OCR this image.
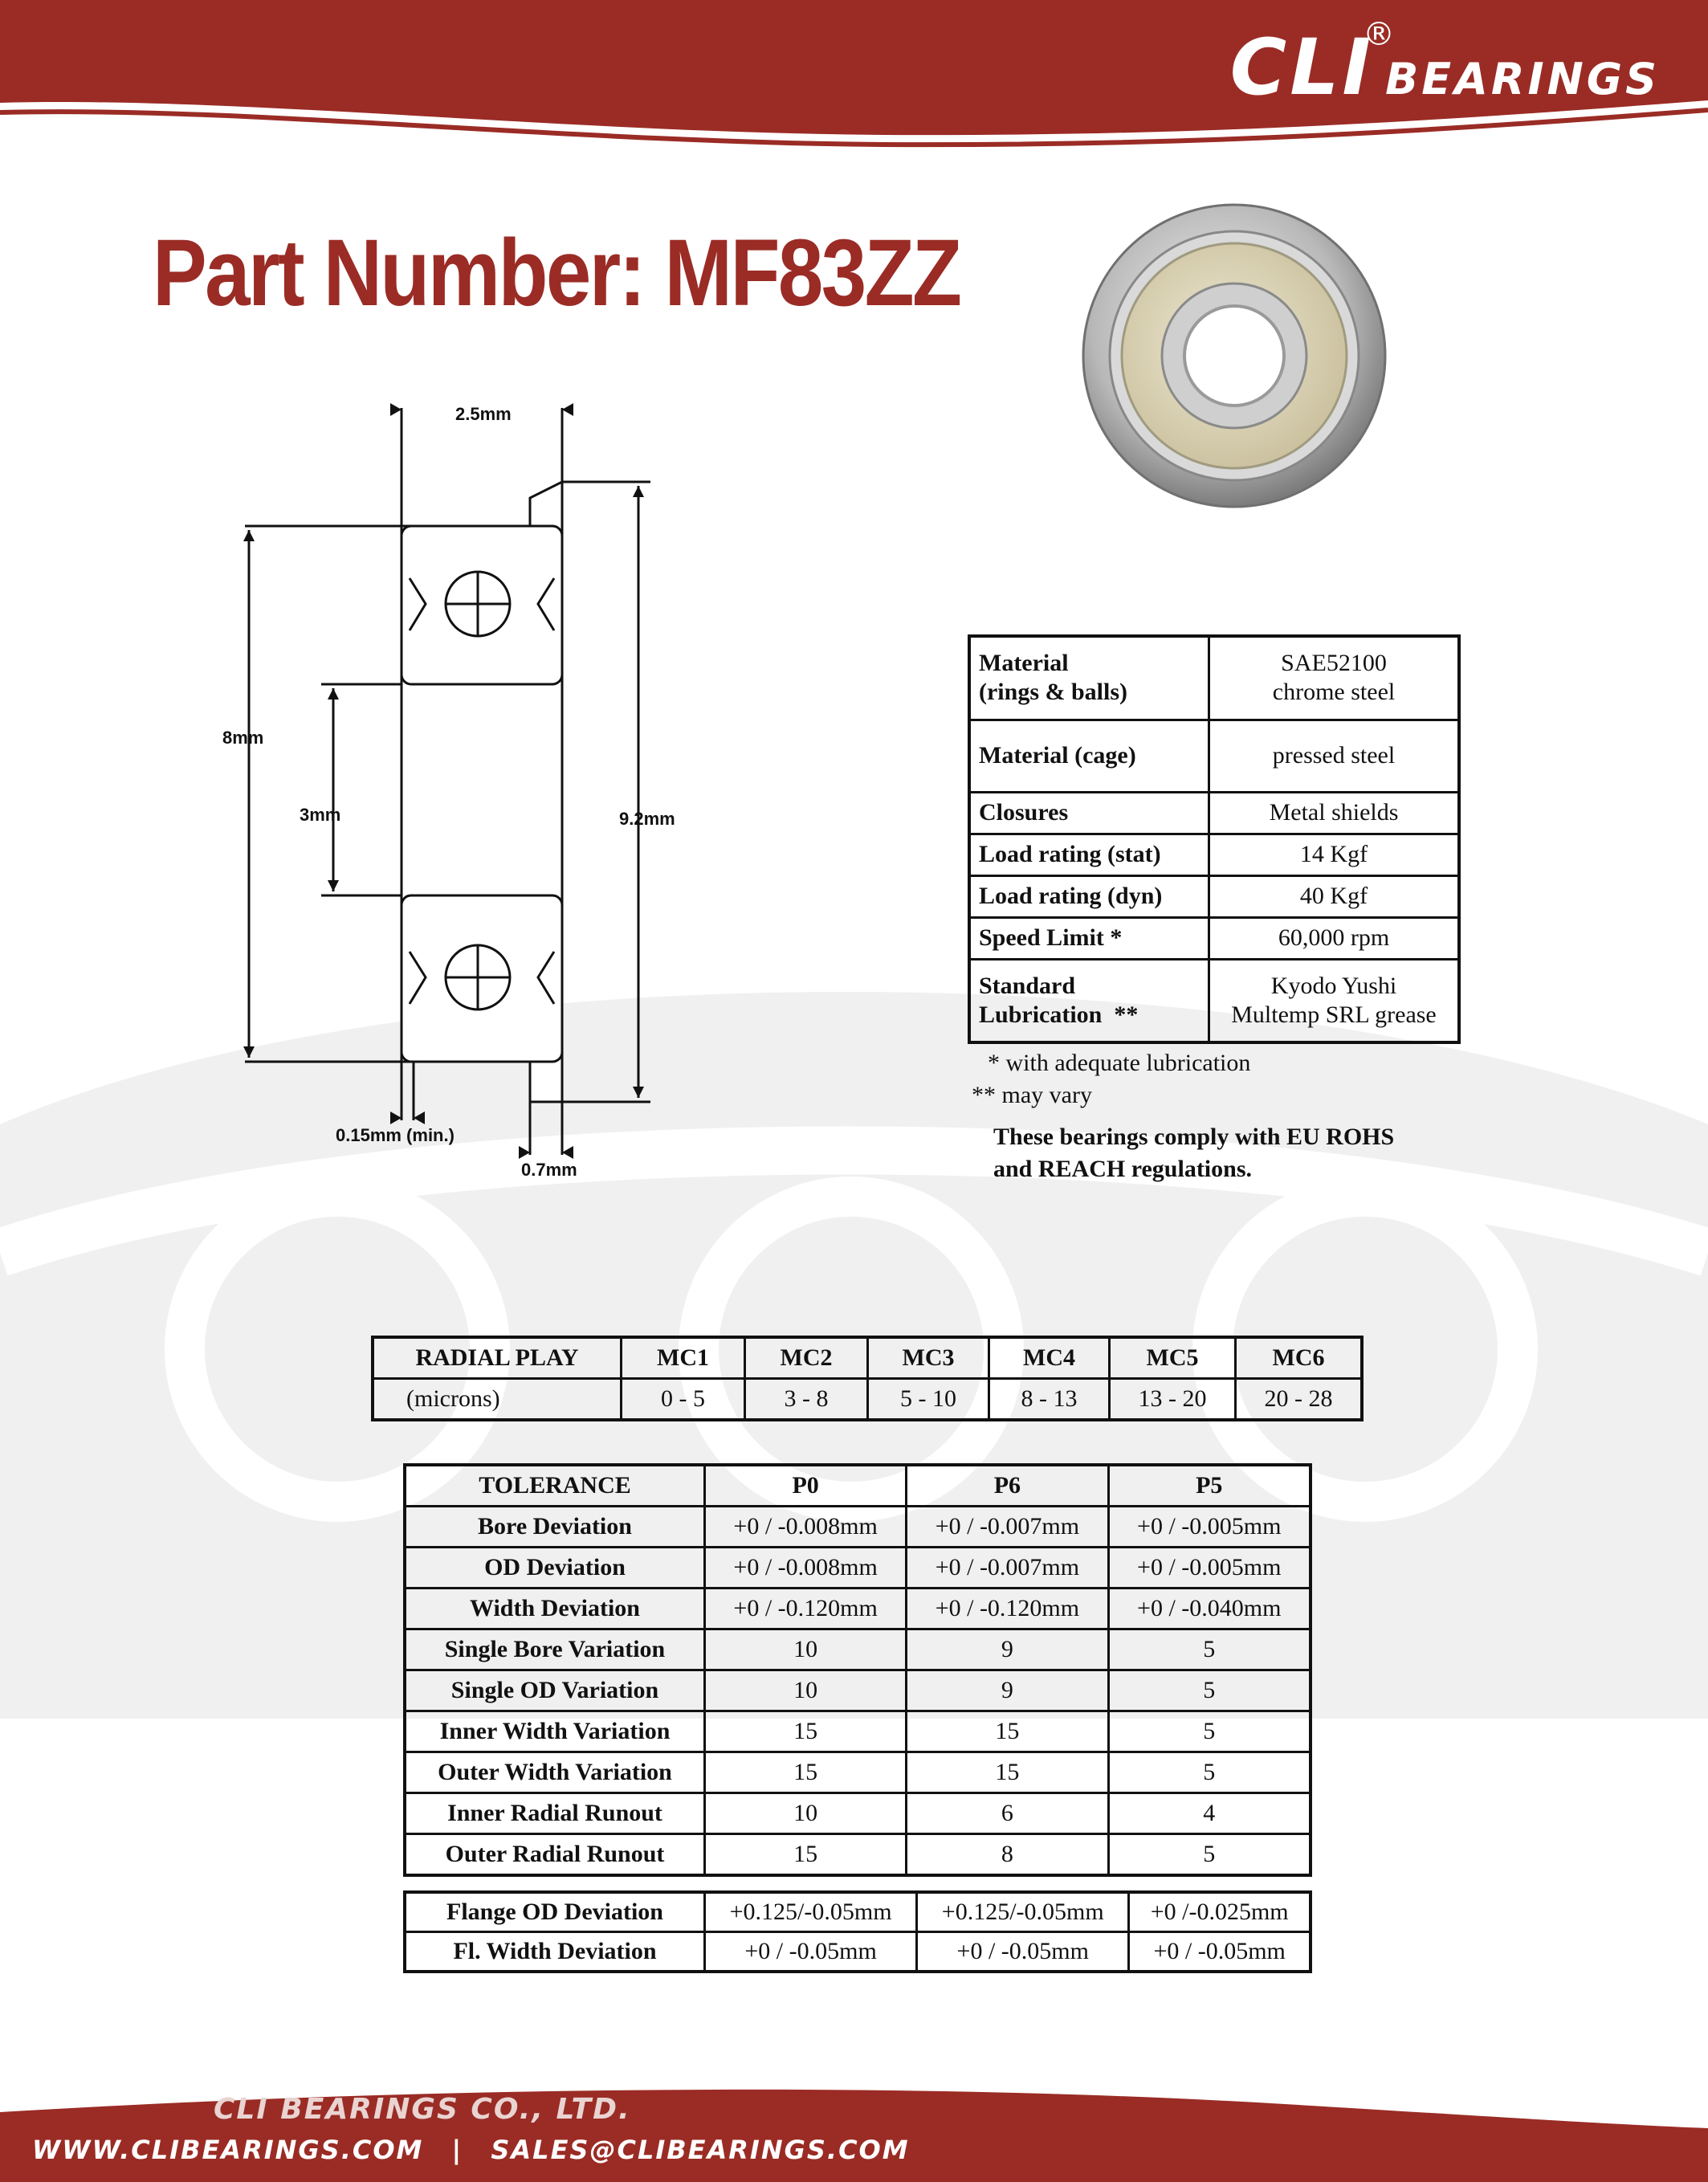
CLI BEARINGS
®
Part Number: MF83ZZ
2.5mm
8mm
3mm	9.2mm
0.15mm (min.)
0.7mm
Material
(rings & balls)	SAE52100
chrome steel
Material (cage)	pressed steel
Closures	Metal shields
Load rating (stat)	14 Kgf
Load rating (dyn)	40 Kgf
Speed Limit *	60,000 rpm
Standard
Lubrication  **	Kyodo Yushi
Multemp SRL grease
* with adequate lubrication
** may vary
These bearings comply with EU ROHS
and REACH regulations.
RADIAL PLAY	MC1	MC2	MC3	MC4	MC5	MC6
(microns)	0 - 5	3 - 8	5 - 10	8 - 13	13 - 20	20 - 28
TOLERANCE	P0	P6	P5
Bore Deviation	+0 / -0.008mm	+0 / -0.007mm	+0 / -0.005mm
OD Deviation	+0 / -0.008mm	+0 / -0.007mm	+0 / -0.005mm
Width Deviation	+0 / -0.120mm	+0 / -0.120mm	+0 / -0.040mm
Single Bore Variation	10	9	5
Single OD Variation	10	9	5
Inner Width Variation	15	15	5
Outer Width Variation	15	15	5
Inner Radial Runout	10	6	4
Outer Radial Runout	15	8	5
Flange OD Deviation	+0.125/-0.05mm	+0.125/-0.05mm	+0 /-0.025mm
Fl. Width Deviation	+0 / -0.05mm	+0 / -0.05mm	+0 / -0.05mm
CLI BEARINGS CO., LTD.
WWW.CLIBEARINGS.COM | SALES@CLIBEARINGS.COM
